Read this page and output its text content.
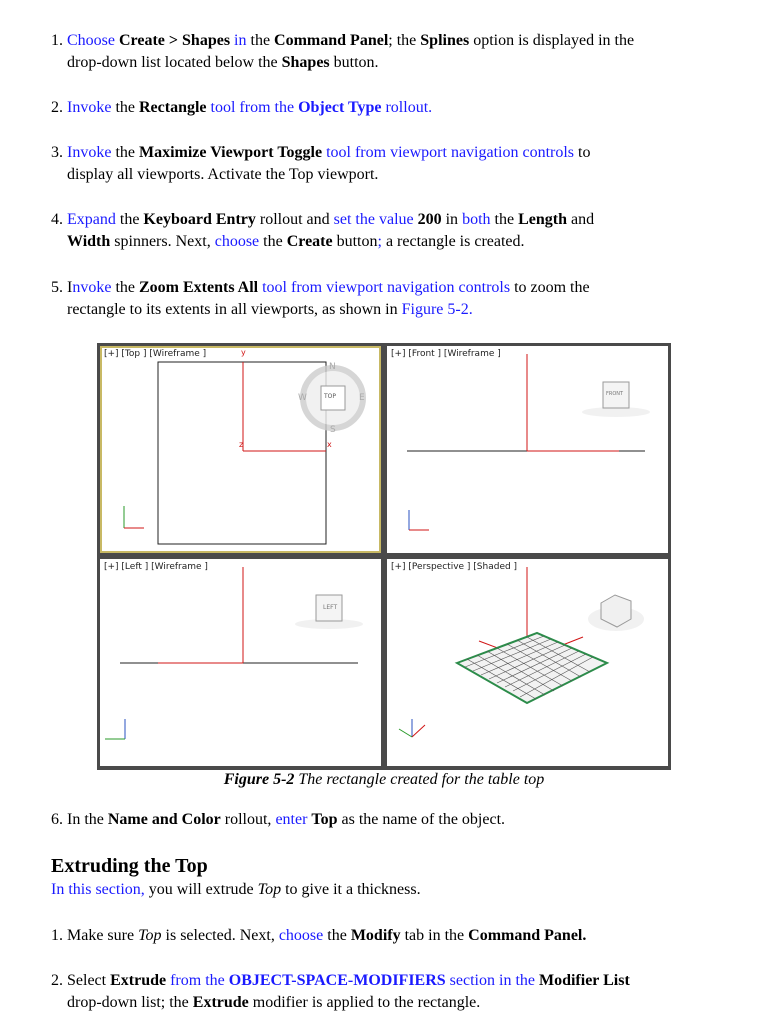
1. Choose Create > Shapes in the Command Panel; the Splines option is displayed in the
drop-down list located below the Shapes button.

2. Invoke the Rectangle tool from the Object Type rollout.

3. Invoke the Maximize Viewport Toggle tool from viewport navigation controls to
display all viewports. Activate the Top viewport.

4. Expand the Keyboard Entry rollout and set the value 200 in both the Length and
Width spinners. Next, choose the Create button; a rectangle is created.

5. Invoke the Zoom Extents All tool from viewport navigation controls to zoom the
rectangle to its extents in all viewports, as shown in Figure 5-2.

[+] [Top ] [Wireframe ]
TOP
N
S
E
W
y
z	x
[+] [Front ] [Wireframe ]
FRONT
[+] [Left ] [Wireframe ]
LEFT
[+] [Perspective ] [Shaded ]
Figure 5-2 The rectangle created for the table top

6. In the Name and Color rollout, enter Top as the name of the object.

Extruding the Top

In this section, you will extrude Top to give it a thickness.

1. Make sure Top is selected. Next, choose the Modify tab in the Command Panel.

2. Select Extrude from the OBJECT-SPACE-MODIFIERS section in the Modifier List
drop-down list; the Extrude modifier is applied to the rectangle.
